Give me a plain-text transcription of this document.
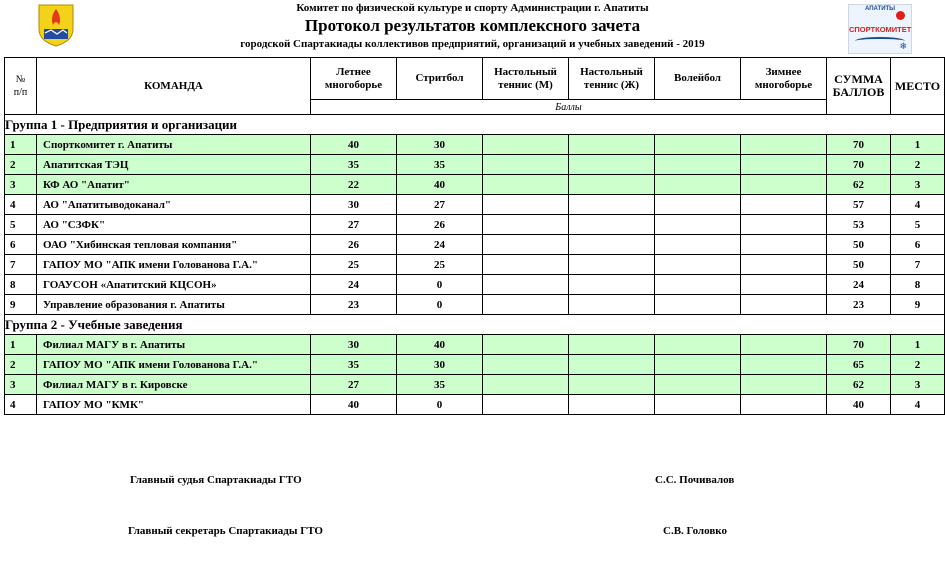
Комитет по физической культуре и спорту Администрации г. Апатиты
Протокол результатов комплексного зачета
городской Спартакиады коллективов предприятий, организаций и учебных заведений - 2019
АПАТИТЫ
СПОРТКОМИТЕТ
❄
№ п/п	КОМАНДА	Летнее многоборье	Стритбол	Настольный теннис (М)	Настольный теннис (Ж)	Волейбол	Зимнее многоборье	СУММА БАЛЛОВ	МЕСТО
		Баллы							
Группа 1 - Предприятия и организации									
1	Спорткомитет г. Апатиты	40	30					70	1
2	Апатитская ТЭЦ	35	35					70	2
3	КФ АО "Апатит"	22	40					62	3
4	АО "Апатитыводоканал"	30	27					57	4
5	АО "СЗФК"	27	26					53	5
6	ОАО "Хибинская тепловая компания"	26	24					50	6
7	ГАПОУ МО "АПК имени Голованова Г.А."	25	25					50	7
8	ГОАУСОН «Апатитский КЦСОН»	24	0					24	8
9	Управление образования г. Апатиты	23	0					23	9
Группа 2 - Учебные заведения									
1	Филиал МАГУ в г. Апатиты	30	40					70	1
2	ГАПОУ МО "АПК имени Голованова Г.А."	35	30					65	2
3	Филиал МАГУ в г. Кировске	27	35					62	3
4	ГАПОУ МО "КМК"	40	0					40	4
Главный судья Спартакиады ГТО	С.С. Почивалов
Главный секретарь Спартакиады ГТО	С.В. Головко
